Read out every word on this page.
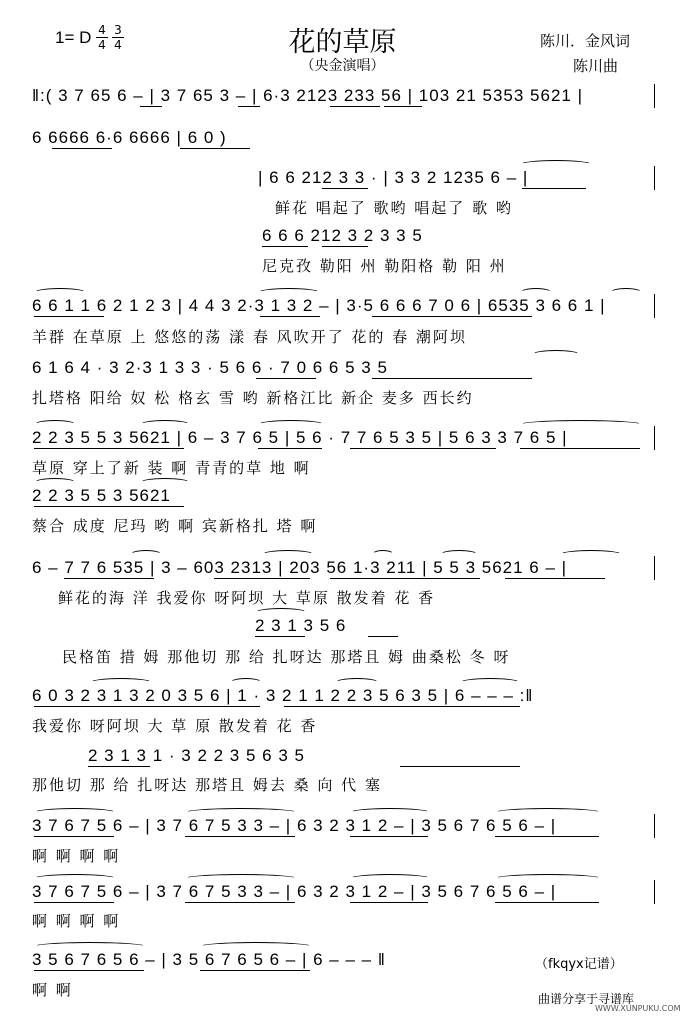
1= D 4
4
3
4	花的草原
（央金演唱）
陈川．金风词
陈川曲
‖:( 3 7 65 6 – | 3 7 65 3 – | 6·3 2123 233 56 | 103 21 5353 5621 |
6 6666 6·6 6666 | 6 0 )
| 6 6 212 3 3 · | 3 3 2 1235 6 – |
鲜花 唱起了 歌哟 唱起了 歌 哟
6 6 6 212 3 2 3 3 5
尼克孜 勒阳 州 勒阳格 勒 阳 州
6 6 1 1 6 2 1 2 3 | 4 4 3 2·3 1 3 2 – | 3·5 6 6 6 7 0 6 | 6535 3 6 6 1 |
羊群 在草原 上 悠悠的荡 漾 春 风吹开了 花的 春 潮阿坝
6 1 6 4 · 3 2·3 1 3 3 · 5 6 6 · 7 0 6 6 5 3 5
扎塔格 阳给 奴 松 格玄 雪 哟 新格江比 新企 麦多 西长约
2 2 3 5 5 3 5621 | 6 – 3 7 6 5 | 5 6 · 7 7 6 5 3 5 | 5 6 3 3 7 6 5 |
草原 穿上了新 装 啊 青青的草 地 啊
2 2 3 5 5 3 5621
蔡合 成度 尼玛 哟 啊 宾新格扎 塔 啊
6 – 7 7 6 535 | 3 – 603 2313 | 203 56 1·3 211 | 5 5 3 5621 6 – |
鲜花的海 洋 我爱你 呀阿坝 大 草原 散发着 花 香
2 3 1 3 5 6
民格笛 措 姆 那他切 那 给 扎呀达 那塔且 姆 曲桑松 冬 呀
6 0 3 2 3 1 3 2 0 3 5 6 | 1 · 3 2 1 1 2 2 3 5 6 3 5 | 6 – – – :‖
我爱你 呀阿坝 大 草 原 散发着 花 香
2 3 1 3 1 · 3 2 2 3 5 6 3 5
那他切 那 给 扎呀达 那塔且 姆去 桑 向 代 塞
3 7 6 7 5 6 – | 3 7 6 7 5 3 3 – | 6 3 2 3 1 2 – | 3 5 6 7 6 5 6 – |
啊 啊 啊 啊
3 7 6 7 5 6 – | 3 7 6 7 5 3 3 – | 6 3 2 3 1 2 – | 3 5 6 7 6 5 6 – |
啊 啊 啊 啊
3 5 6 7 6 5 6 – | 3 5 6 7 6 5 6 – | 6 – – – ‖
啊 啊
（fkqyx记谱）
曲谱分享于寻谱库
WWW.XUNPUKU.COM
